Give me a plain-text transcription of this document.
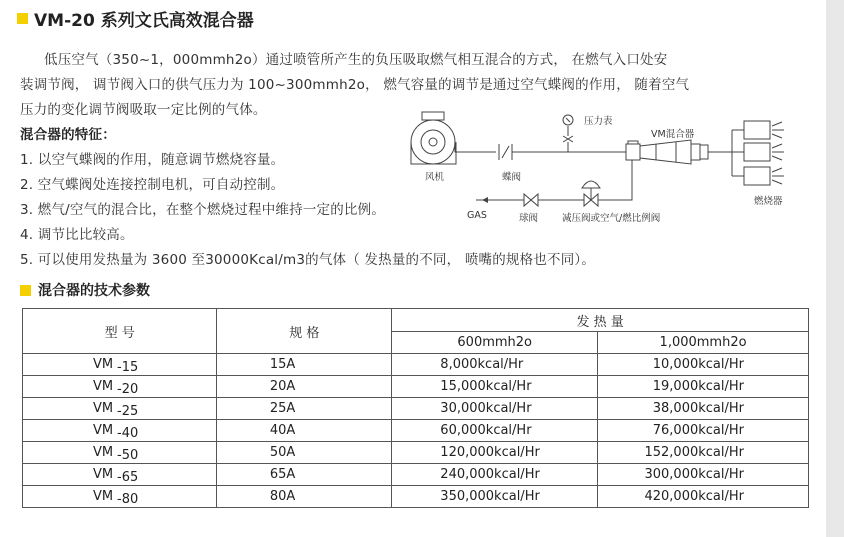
VM-20 系列文氏高效混合器
低压空气（350~1，000mmh2o）通过喷管所产生的负压吸取燃气相互混合的方式， 在燃气入口处安
装调节阀， 调节阀入口的供气压力为 100~300mmh2o， 燃气容量的调节是通过空气蝶阀的作用， 随着空气
压力的变化调节阀吸取一定比例的气体。
混合器的特征：
1. 以空气蝶阀的作用，随意调节燃烧容量。
2. 空气蝶阀处连接控制电机，可自动控制。
3. 燃气/空气的混合比，在整个燃烧过程中维持一定的比例。
4. 调节比比较高。
5. 可以使用发热量为 3600 至30000Kcal/m3的气体（ 发热量的不同， 喷嘴的规格也不同）。
压力表
VM混合器
风机	蝶阀
燃烧器
GAS	球阀	减压阀或空气/燃比例阀
混合器的技术参数
型 号	规 格	发 热 量	
		600mmh2o	1,000mmh2o

VM -15	15A	8,000kcal/Hr	10,000kcal/Hr

VM -20	20A	15,000kcal/Hr	19,000kcal/Hr

VM -25	25A	30,000kcal/Hr	38,000kcal/Hr

VM -40	40A	60,000kcal/Hr	76,000kcal/Hr

VM -50	50A	120,000kcal/Hr	152,000kcal/Hr

VM -65	65A	240,000kcal/Hr	300,000kcal/Hr

VM -80	80A	350,000kcal/Hr	420,000kcal/Hr
